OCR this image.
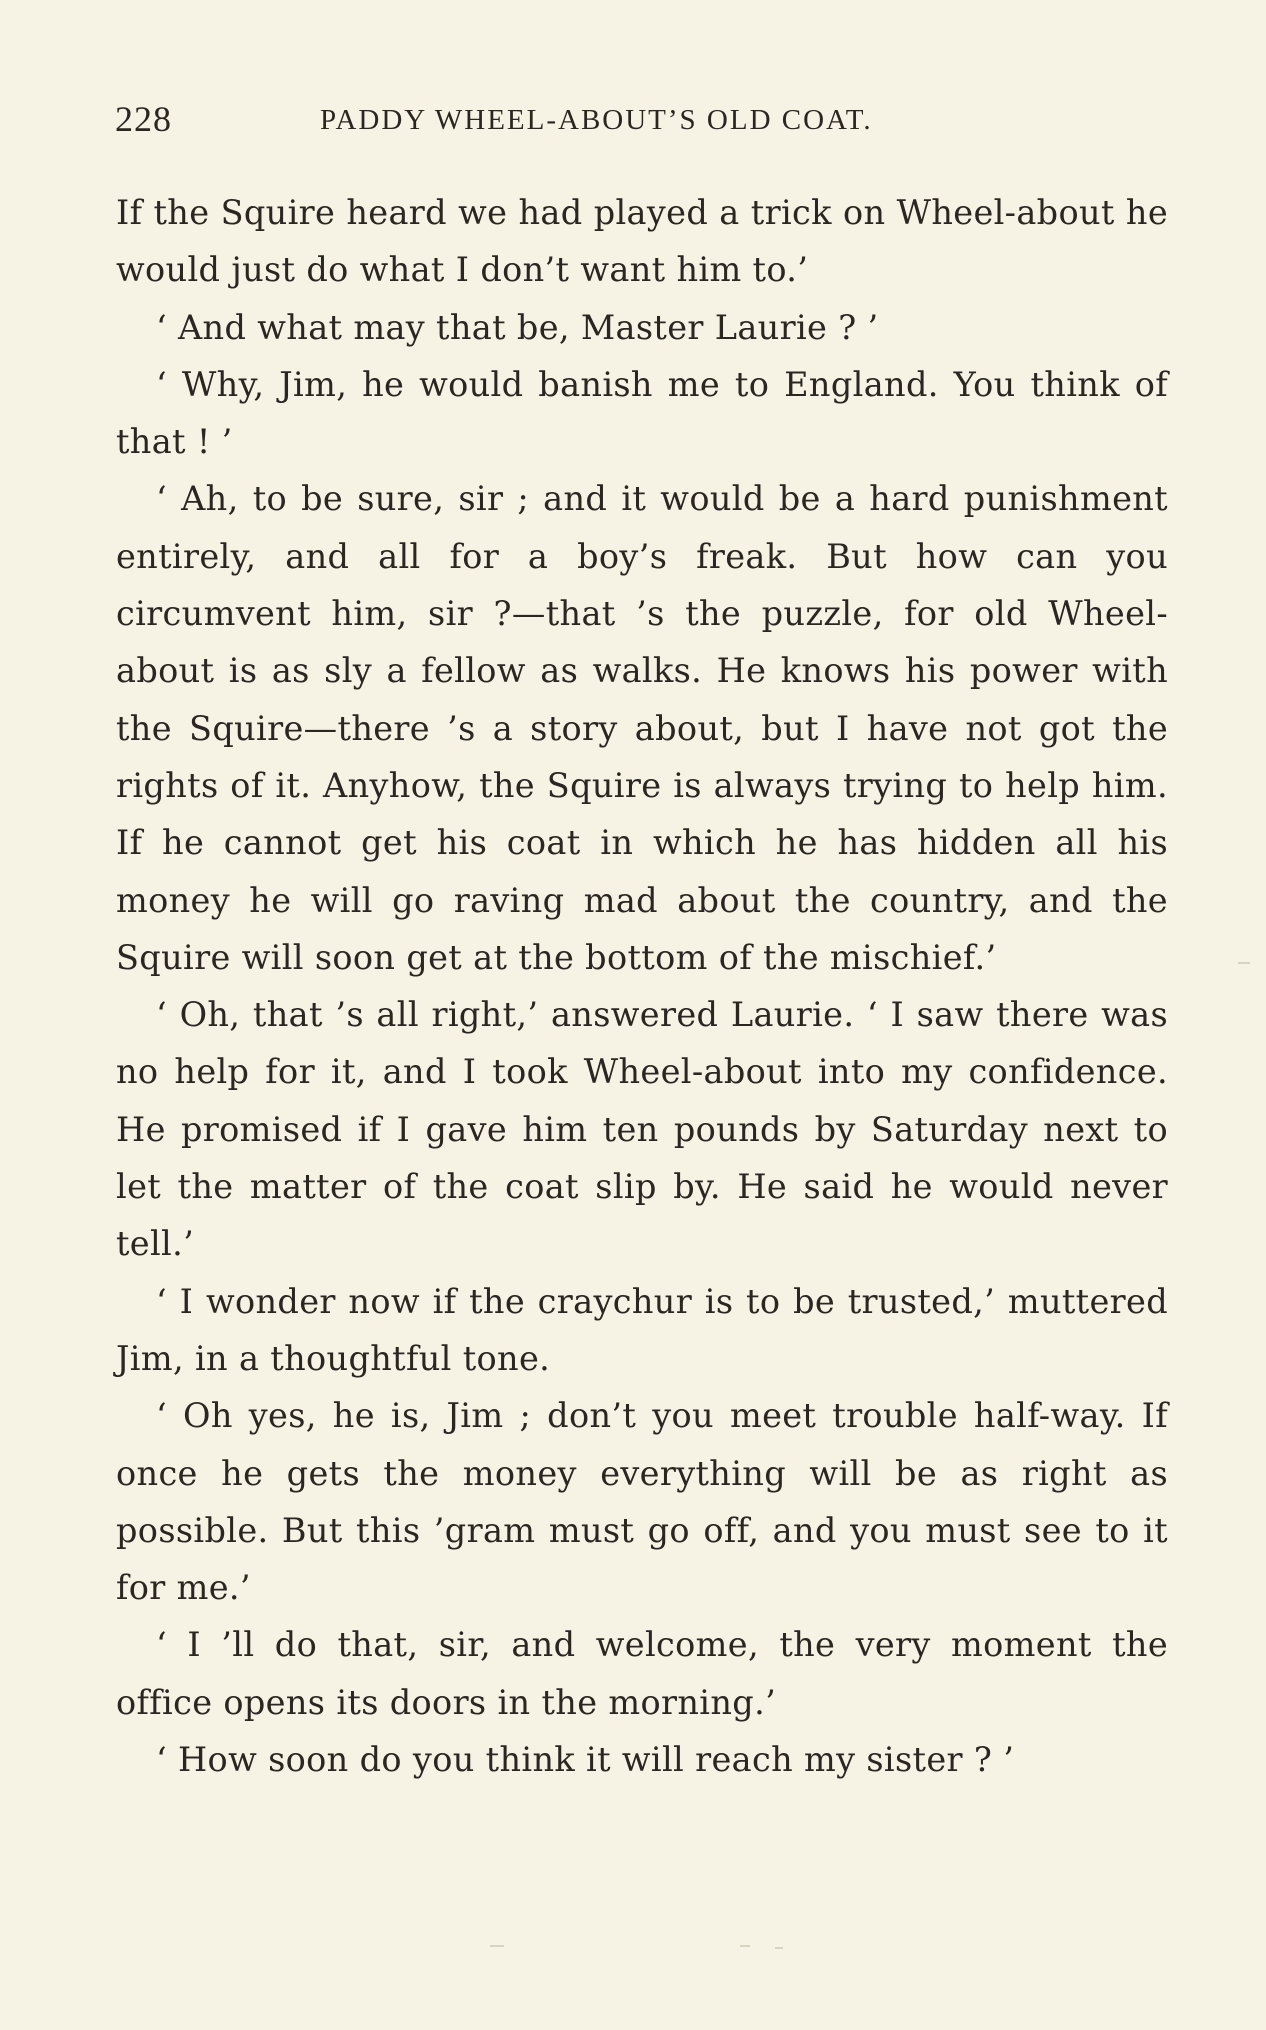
228	PADDY WHEEL-ABOUT’S OLD COAT.

If the Squire heard we had played a trick on Wheel-about he would just do what I don’t want him to.’

‘ And what may that be, Master Laurie ? ’

‘ Why, Jim, he would banish me to England. You think of that ! ’

‘ Ah, to be sure, sir ; and it would be a hard punishment entirely, and all for a boy’s freak. But how can you circumvent him, sir ?—that ’s the puzzle, for old Wheel-about is as sly a fellow as walks. He knows his power with the Squire—there ’s a story about, but I have not got the rights of it. Anyhow, the Squire is always trying to help him. If he cannot get his coat in which he has hidden all his money he will go raving mad about the country, and the Squire will soon get at the bottom of the mischief.’

‘ Oh, that ’s all right,’ answered Laurie. ‘ I saw there was no help for it, and I took Wheel-about into my confidence. He promised if I gave him ten pounds by Saturday next to let the matter of the coat slip by. He said he would never tell.’

‘ I wonder now if the craychur is to be trusted,’ muttered Jim, in a thoughtful tone.

‘ Oh yes, he is, Jim ; don’t you meet trouble half-way. If once he gets the money everything will be as right as possible. But this ’gram must go off, and you must see to it for me.’

‘ I ’ll do that, sir, and welcome, the very moment the office opens its doors in the morning.’

‘ How soon do you think it will reach my sister ? ’
